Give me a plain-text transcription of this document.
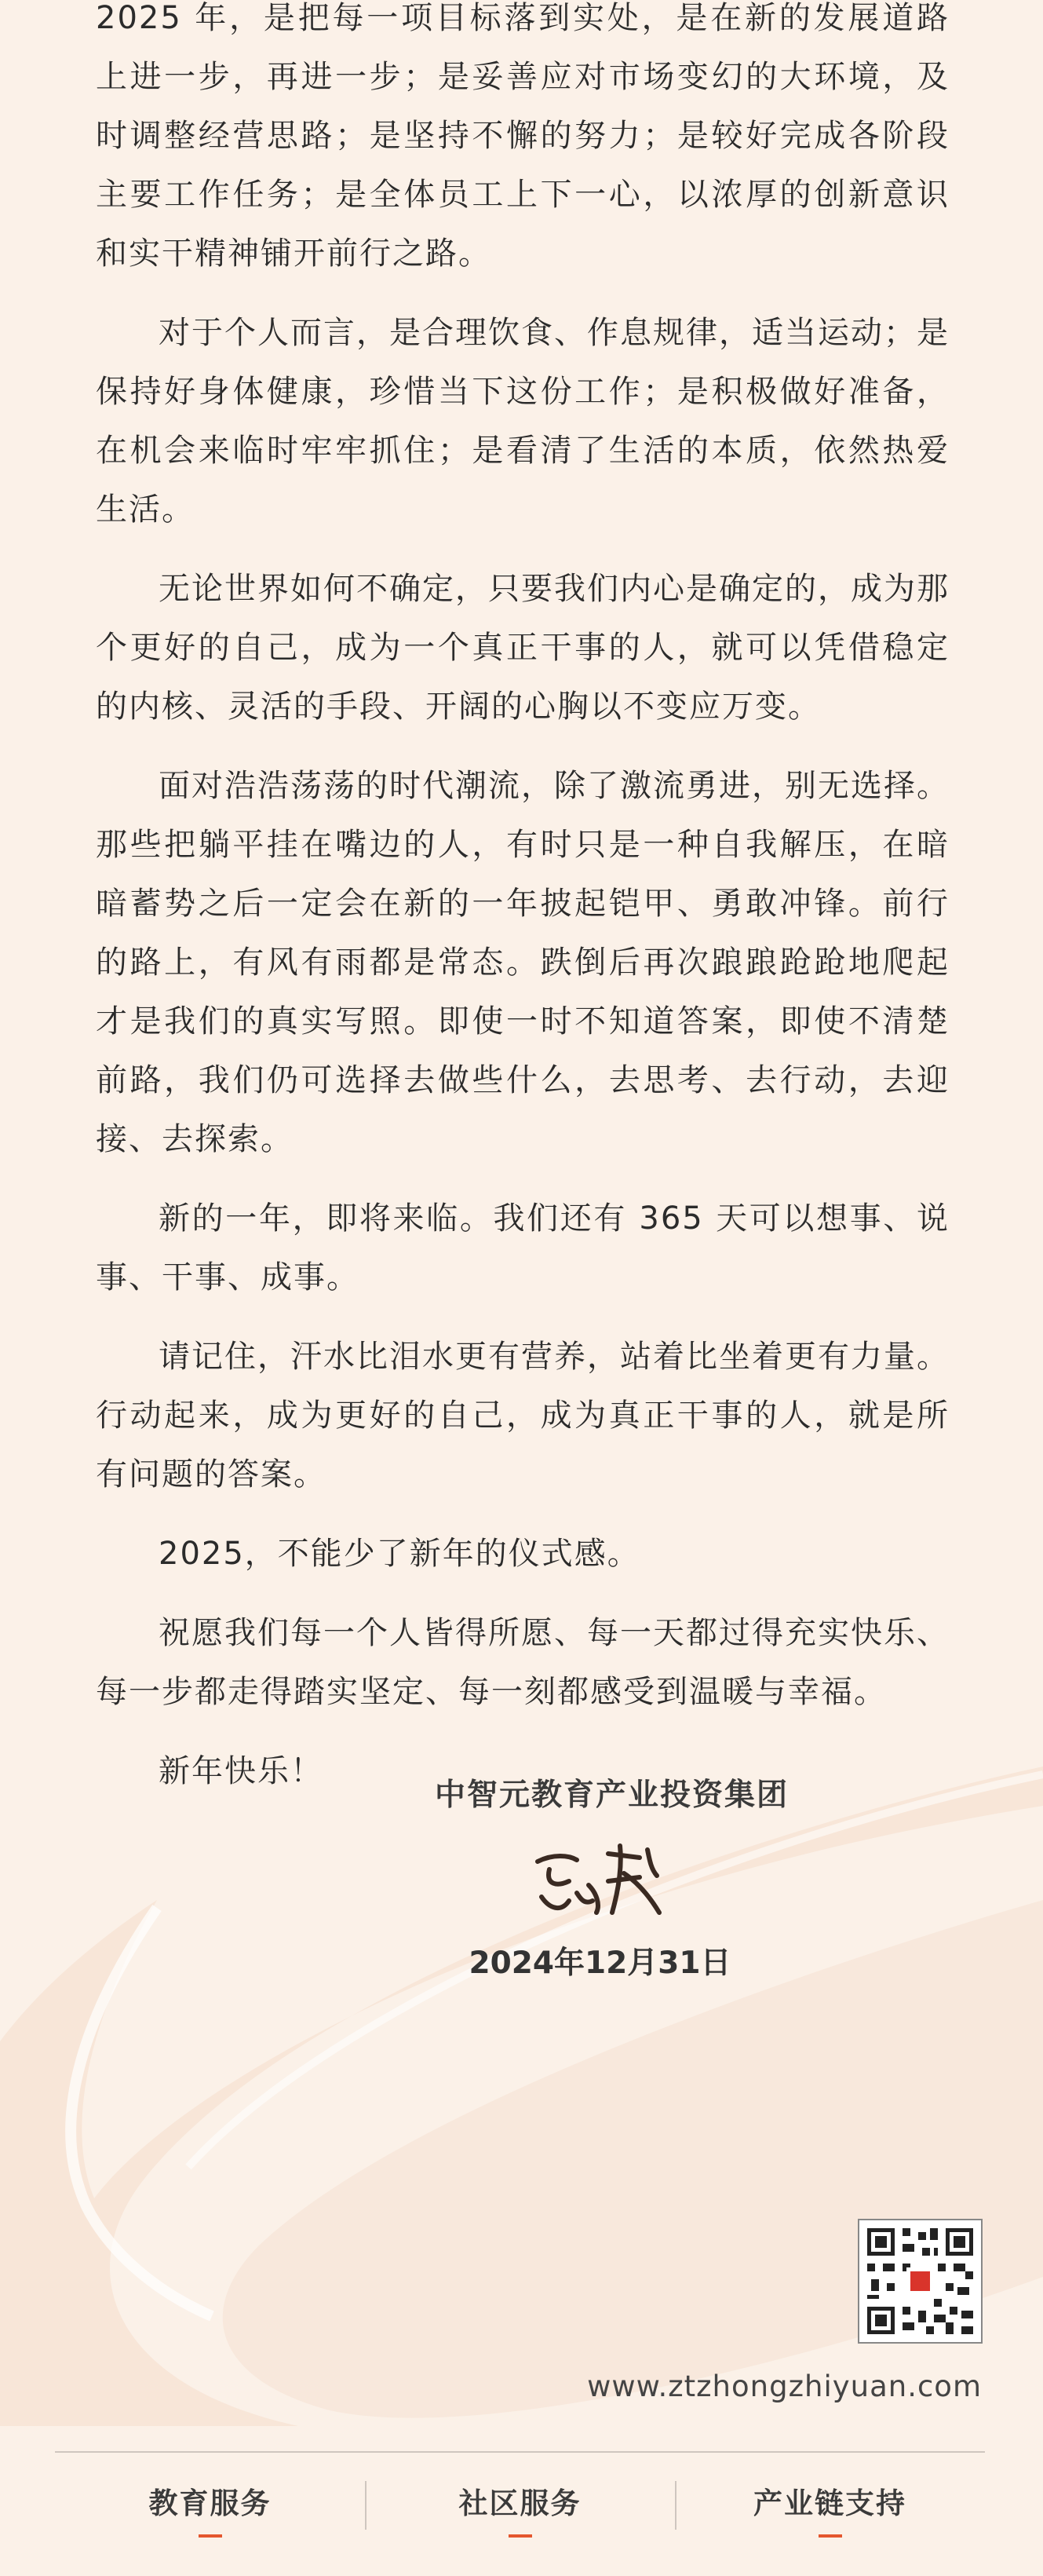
2025 年，是把每一项目标落到实处，是在新的发展道路上进一步，再进一步；是妥善应对市场变幻的大环境，及时调整经营思路；是坚持不懈的努力；是较好完成各阶段主要工作任务；是全体员工上下一心，以浓厚的创新意识和实干精神铺开前行之路。

对于个人而言，是合理饮食、作息规律，适当运动；是保持好身体健康，珍惜当下这份工作；是积极做好准备，在机会来临时牢牢抓住；是看清了生活的本质，依然热爱生活。

无论世界如何不确定，只要我们内心是确定的，成为那个更好的自己，成为一个真正干事的人，就可以凭借稳定的内核、灵活的手段、开阔的心胸以不变应万变。

面对浩浩荡荡的时代潮流，除了激流勇进，别无选择。那些把躺平挂在嘴边的人，有时只是一种自我解压，在暗暗蓄势之后一定会在新的一年披起铠甲、勇敢冲锋。前行的路上，有风有雨都是常态。跌倒后再次踉踉跄跄地爬起才是我们的真实写照。即使一时不知道答案，即使不清楚前路，我们仍可选择去做些什么，去思考、去行动，去迎接、去探索。

新的一年，即将来临。我们还有 365 天可以想事、说事、干事、成事。

请记住，汗水比泪水更有营养，站着比坐着更有力量。行动起来，成为更好的自己，成为真正干事的人，就是所有问题的答案。

2025，不能少了新年的仪式感。

祝愿我们每一个人皆得所愿、每一天都过得充实快乐、每一步都走得踏实坚定、每一刻都感受到温暖与幸福。

新年快乐！

中智元教育产业投资集团
2024年12月31日
www.ztzhongzhiyuan.com
教育服务	社区服务	产业链支持
